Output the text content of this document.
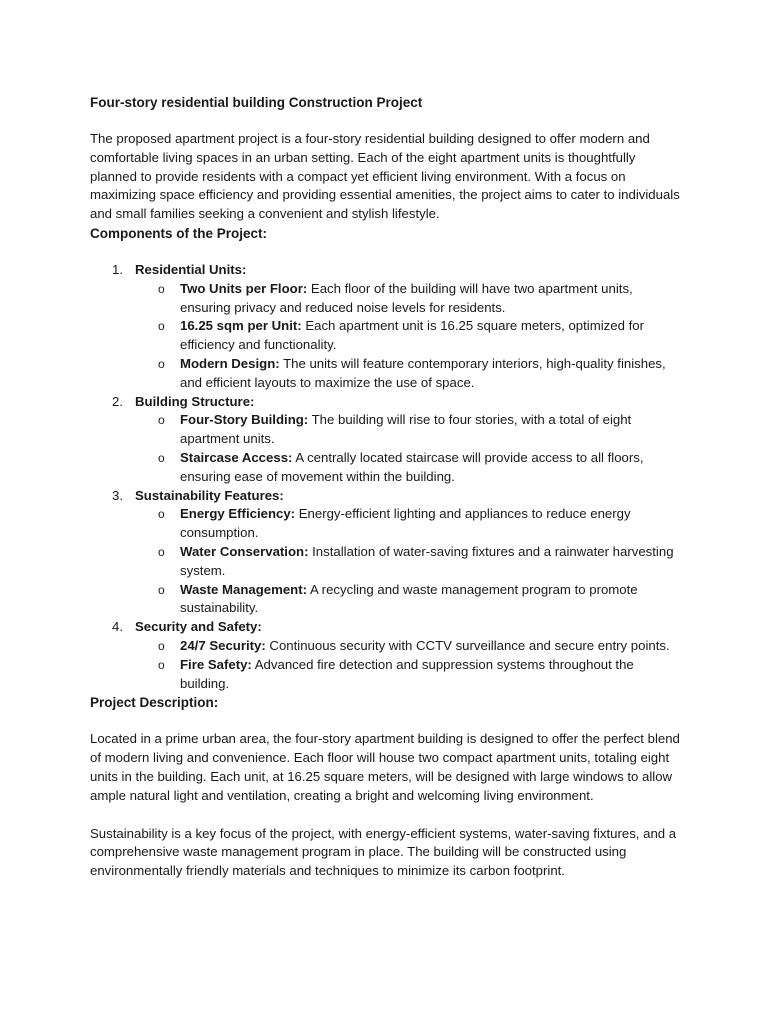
Four-story residential building Construction Project

The proposed apartment project is a four-story residential building designed to offer modern and comfortable living spaces in an urban setting. Each of the eight apartment units is thoughtfully planned to provide residents with a compact yet efficient living environment. With a focus on maximizing space efficiency and providing essential amenities, the project aims to cater to individuals and small families seeking a convenient and stylish lifestyle.

Components of the Project:
1. Residential Units:
o Two Units per Floor: Each floor of the building will have two apartment units, ensuring privacy and reduced noise levels for residents.
o 16.25 sqm per Unit: Each apartment unit is 16.25 square meters, optimized for efficiency and functionality.
o Modern Design: The units will feature contemporary interiors, high-quality finishes, and efficient layouts to maximize the use of space.
2. Building Structure:
o Four-Story Building: The building will rise to four stories, with a total of eight apartment units.
o Staircase Access: A centrally located staircase will provide access to all floors, ensuring ease of movement within the building.
3. Sustainability Features:
o Energy Efficiency: Energy-efficient lighting and appliances to reduce energy consumption.
o Water Conservation: Installation of water-saving fixtures and a rainwater harvesting system.
o Waste Management: A recycling and waste management program to promote sustainability.
4. Security and Safety:
o 24/7 Security: Continuous security with CCTV surveillance and secure entry points.
o Fire Safety: Advanced fire detection and suppression systems throughout the building.
Project Description:

Located in a prime urban area, the four-story apartment building is designed to offer the perfect blend of modern living and convenience. Each floor will house two compact apartment units, totaling eight units in the building. Each unit, at 16.25 square meters, will be designed with large windows to allow ample natural light and ventilation, creating a bright and welcoming living environment.

Sustainability is a key focus of the project, with energy-efficient systems, water-saving fixtures, and a comprehensive waste management program in place. The building will be constructed using environmentally friendly materials and techniques to minimize its carbon footprint.
